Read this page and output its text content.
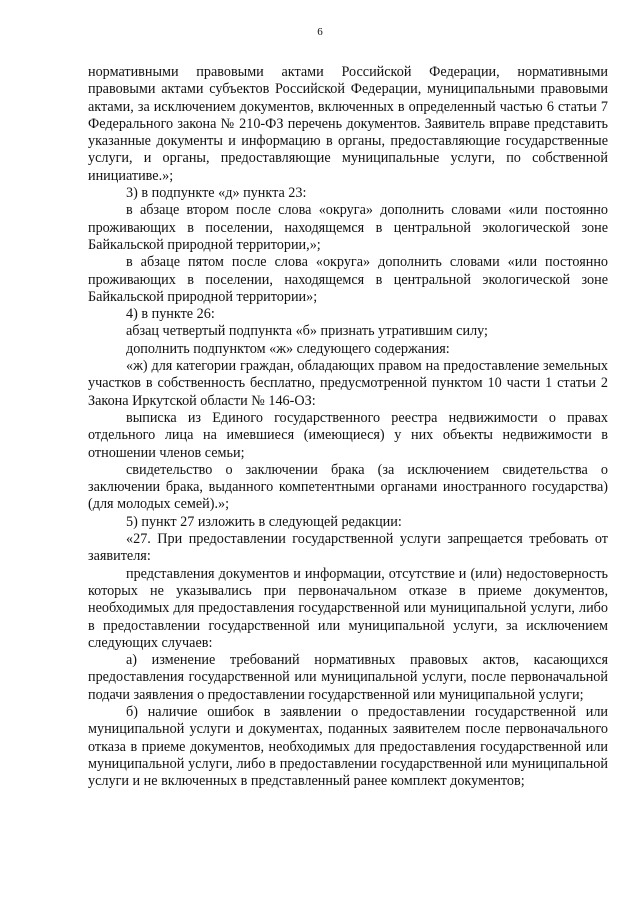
6

нормативными правовыми актами Российской Федерации, нормативными правовыми актами субъектов Российской Федерации, муниципальными правовыми актами, за исключением документов, включенных в определенный частью 6 статьи 7 Федерального закона № 210-ФЗ перечень документов. Заявитель вправе представить указанные документы и информацию в органы, предоставляющие государственные услуги, и органы, предоставляющие муниципальные услуги, по собственной инициативе.»;

3) в подпункте «д» пункта 23:

в абзаце втором после слова «округа» дополнить словами «или постоянно проживающих в поселении, находящемся в центральной экологической зоне Байкальской природной территории,»;

в абзаце пятом после слова «округа» дополнить словами «или постоянно проживающих в поселении, находящемся в центральной экологической зоне Байкальской природной территории»;

4) в пункте 26:

абзац четвертый подпункта «б» признать утратившим силу;

дополнить подпунктом «ж» следующего содержания:

«ж) для категории граждан, обладающих правом на предоставление земельных участков в собственность бесплатно, предусмотренной пунктом 10 части 1 статьи 2 Закона Иркутской области № 146-ОЗ:

выписка из Единого государственного реестра недвижимости о правах отдельного лица на имевшиеся (имеющиеся) у них объекты недвижимости в отношении членов семьи;

свидетельство о заключении брака (за исключением свидетельства о заключении брака, выданного компетентными органами иностранного государства) (для молодых семей).»;

5) пункт 27 изложить в следующей редакции:

«27. При предоставлении государственной услуги запрещается требовать от заявителя:

представления документов и информации, отсутствие и (или) недостоверность которых не указывались при первоначальном отказе в приеме документов, необходимых для предоставления государственной или муниципальной услуги, либо в предоставлении государственной или муниципальной услуги, за исключением следующих случаев:

а) изменение требований нормативных правовых актов, касающихся предоставления государственной или муниципальной услуги, после первоначальной подачи заявления о предоставлении государственной или муниципальной услуги;

б) наличие ошибок в заявлении о предоставлении государственной или муниципальной услуги и документах, поданных заявителем после первоначального отказа в приеме документов, необходимых для предоставления государственной или муниципальной услуги, либо в предоставлении государственной или муниципальной услуги и не включенных в представленный ранее комплект документов;
